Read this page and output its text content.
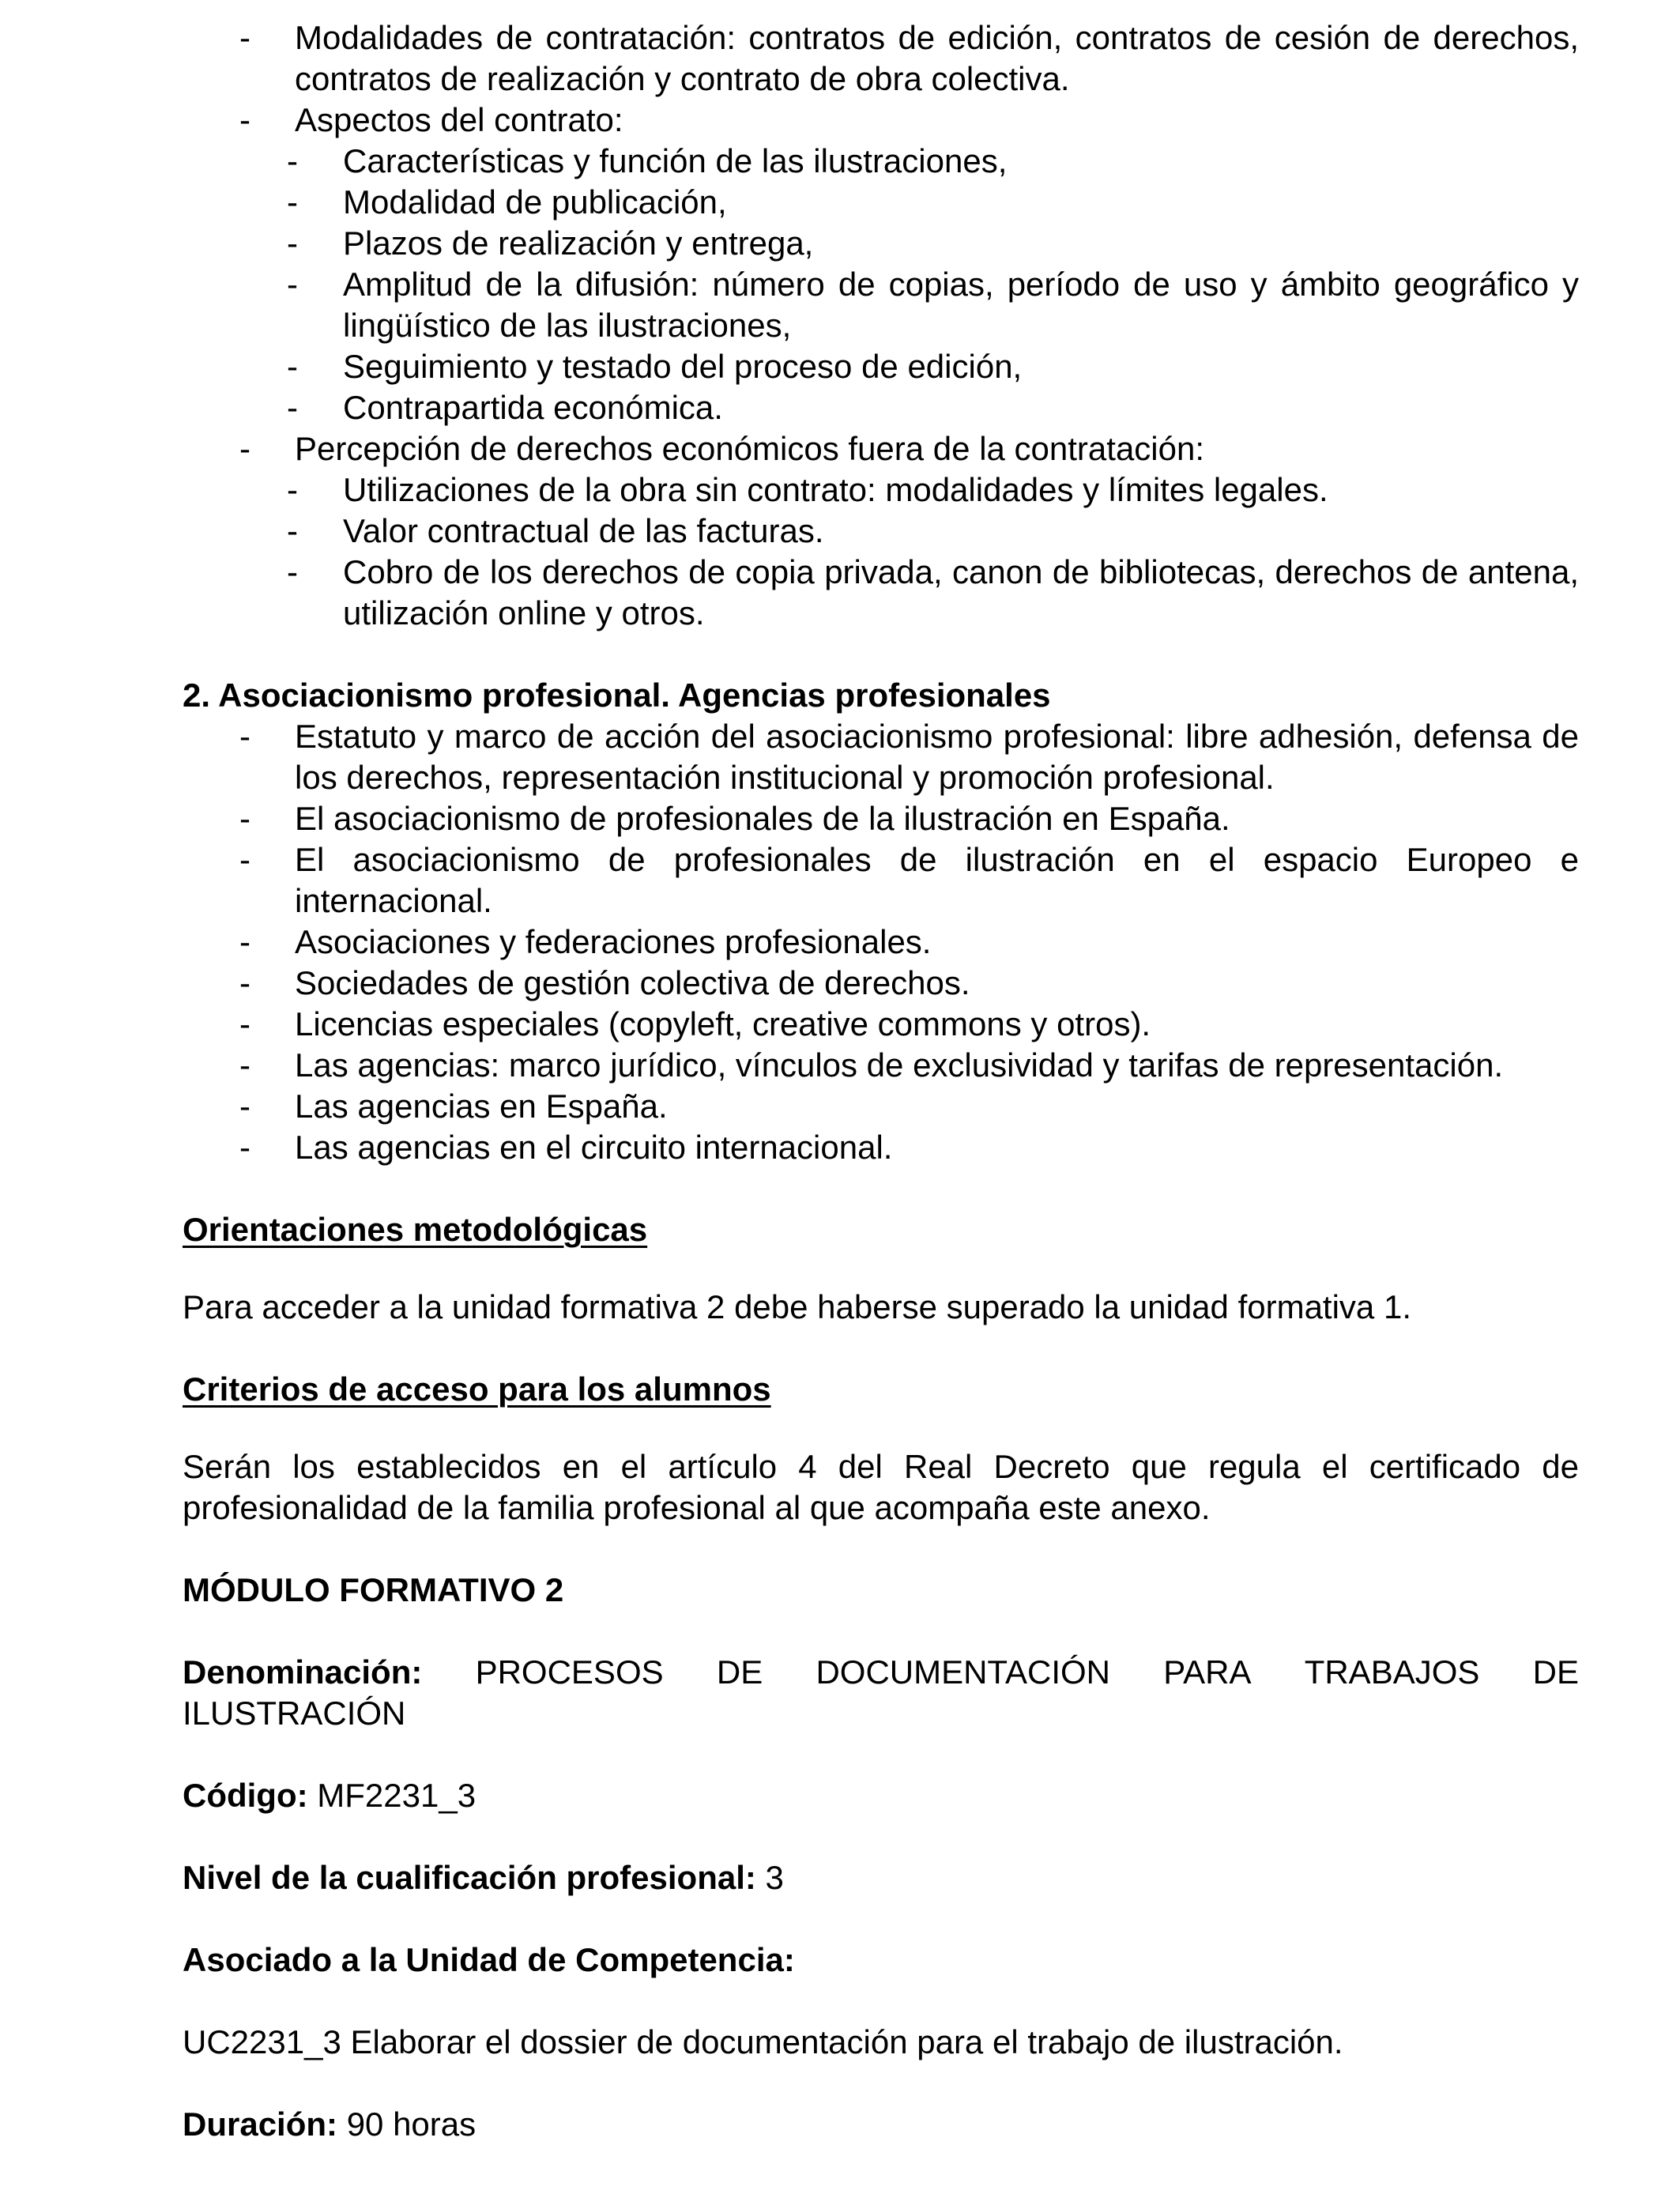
- Modalidades de contratación: contratos de edición, contratos de cesión de derechos, contratos de realización y contrato de obra colectiva.
- Aspectos del contrato:
- Características y función de las ilustraciones,
- Modalidad de publicación,
- Plazos de realización y entrega,
- Amplitud de la difusión: número de copias, período de uso y ámbito geográfico y lingüístico de las ilustraciones,
- Seguimiento y testado del proceso de edición,
- Contrapartida económica.
- Percepción de derechos económicos fuera de la contratación:
- Utilizaciones de la obra sin contrato: modalidades y límites legales.
- Valor contractual de las facturas.
- Cobro de los derechos de copia privada, canon de bibliotecas, derechos de antena, utilización online y otros.
2. Asociacionismo profesional. Agencias profesionales
- Estatuto y marco de acción del asociacionismo profesional: libre adhesión, defensa de los derechos, representación institucional y promoción profesional.
- El asociacionismo de profesionales de la ilustración en España.
- El asociacionismo de profesionales de ilustración en el espacio Europeo e internacional.
- Asociaciones y federaciones profesionales.
- Sociedades de gestión colectiva de derechos.
- Licencias especiales (copyleft, creative commons y otros).
- Las agencias: marco jurídico, vínculos de exclusividad y tarifas de representación.
- Las agencias en España.
- Las agencias en el circuito internacional.
Orientaciones metodológicas
Para acceder a la unidad formativa 2 debe haberse superado la unidad formativa 1.
Criterios de acceso para los alumnos
Serán los establecidos en el artículo 4 del Real Decreto que regula el certificado de profesionalidad de la familia profesional al que acompaña este anexo.
MÓDULO FORMATIVO 2
Denominación: PROCESOS DE DOCUMENTACIÓN PARA TRABAJOS DE
ILUSTRACIÓN
Código: MF2231_3
Nivel de la cualificación profesional: 3
Asociado a la Unidad de Competencia:
UC2231_3 Elaborar el dossier de documentación para el trabajo de ilustración.
Duración: 90 horas
